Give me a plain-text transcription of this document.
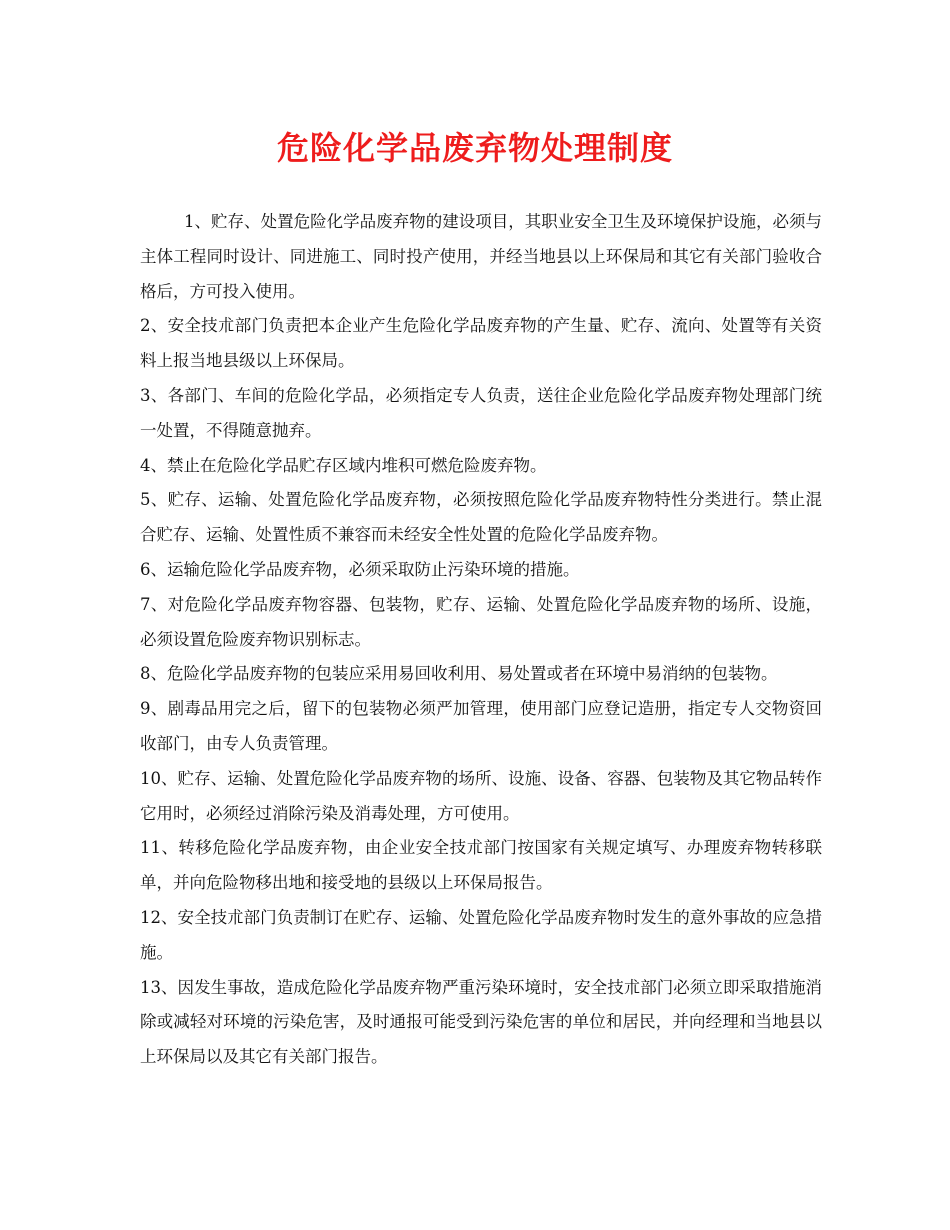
危险化学品废弃物处理制度

1、贮存、处置危险化学品废弃物的建设项目，其职业安全卫生及环境保护设施，必须与主体工程同时设计、同进施工、同时投产使用，并经当地县以上环保局和其它有关部门验收合格后，方可投入使用。

2、安全技朮部门负责把本企业产生危险化学品废弃物的产生量、贮存、流向、处置等有关资料上报当地县级以上环保局。

3、各部门、车间的危险化学品，必须指定专人负责，送往企业危险化学品废弃物处理部门统一处置，不得随意抛弃。

4、禁止在危险化学品贮存区域内堆积可燃危险废弃物。

5、贮存、运输、处置危险化学品废弃物，必须按照危险化学品废弃物特性分类进行。禁止混合贮存、运输、处置性质不兼容而未经安全性处置的危险化学品废弃物。

6、运输危险化学品废弃物，必须采取防止污染环境的措施。

7、对危险化学品废弃物容器、包装物，贮存、运输、处置危险化学品废弃物的场所、设施，必须设置危险废弃物识别标志。

8、危险化学品废弃物的包装应采用易回收利用、易处置或者在环境中易消纳的包装物。

9、剧毒品用完之后，留下的包装物必须严加管理，使用部门应登记造册，指定专人交物资回收部门，由专人负责管理。

10、贮存、运输、处置危险化学品废弃物的场所、设施、设备、容器、包装物及其它物品转作它用时，必须经过消除污染及消毒处理，方可使用。

11、转移危险化学品废弃物，由企业安全技朮部门按国家有关规定填写、办理废弃物转移联单，并向危险物移出地和接受地的县级以上环保局报告。

12、安全技朮部门负责制订在贮存、运输、处置危险化学品废弃物时发生的意外事故的应急措施。

13、因发生事故，造成危险化学品废弃物严重污染环境时，安全技朮部门必须立即采取措施消除或减轻对环境的污染危害，及时通报可能受到污染危害的单位和居民，并向经理和当地县以上环保局以及其它有关部门报告。
